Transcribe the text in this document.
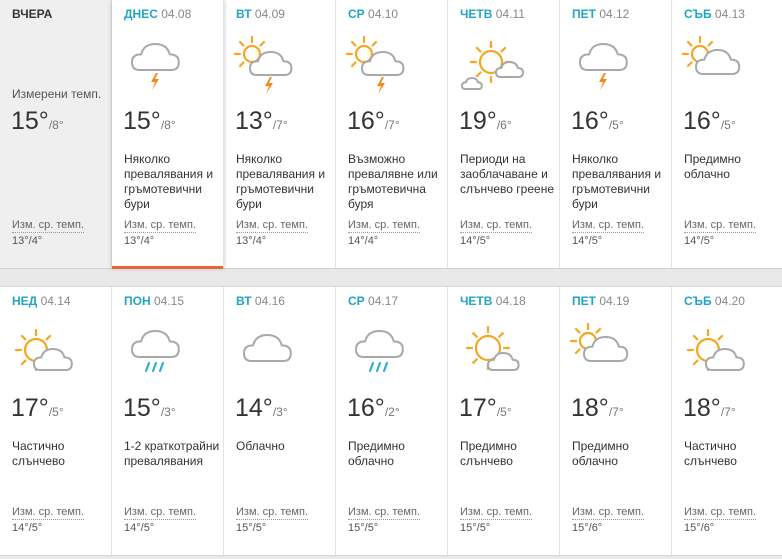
ВЧЕРА
Измерени темп.
15°/8°
Изм. ср. темп.
13°/4°
ДНЕС 04.08
15°/8°
Няколко превалявания и гръмотевични бури
Изм. ср. темп.
13°/4°
ВТ 04.09
13°/7°
Няколко превалявания и гръмотевични бури
Изм. ср. темп.
13°/4°
СР 04.10
16°/7°
Възможно превалявне или гръмотевична буря
Изм. ср. темп.
14°/4°
ЧЕТВ 04.11
19°/6°
Периоди на заоблачаване и слънчево греене
Изм. ср. темп.
14°/5°
ПЕТ 04.12
16°/5°
Няколко превалявания и гръмотевични бури
Изм. ср. темп.
14°/5°
СЪБ 04.13
16°/5°
Предимно облачно
Изм. ср. темп.
14°/5°
НЕД 04.14
17°/5°
Частично слънчево
Изм. ср. темп.
14°/5°
ПОН 04.15
15°/3°
1-2 краткотрайни превалявания
Изм. ср. темп.
14°/5°
ВТ 04.16
14°/3°
Облачно
Изм. ср. темп.
15°/5°
СР 04.17
16°/2°
Предимно облачно
Изм. ср. темп.
15°/5°
ЧЕТВ 04.18
17°/5°
Предимно слънчево
Изм. ср. темп.
15°/5°
ПЕТ 04.19
18°/7°
Предимно облачно
Изм. ср. темп.
15°/6°
СЪБ 04.20
18°/7°
Частично слънчево
Изм. ср. темп.
15°/6°
